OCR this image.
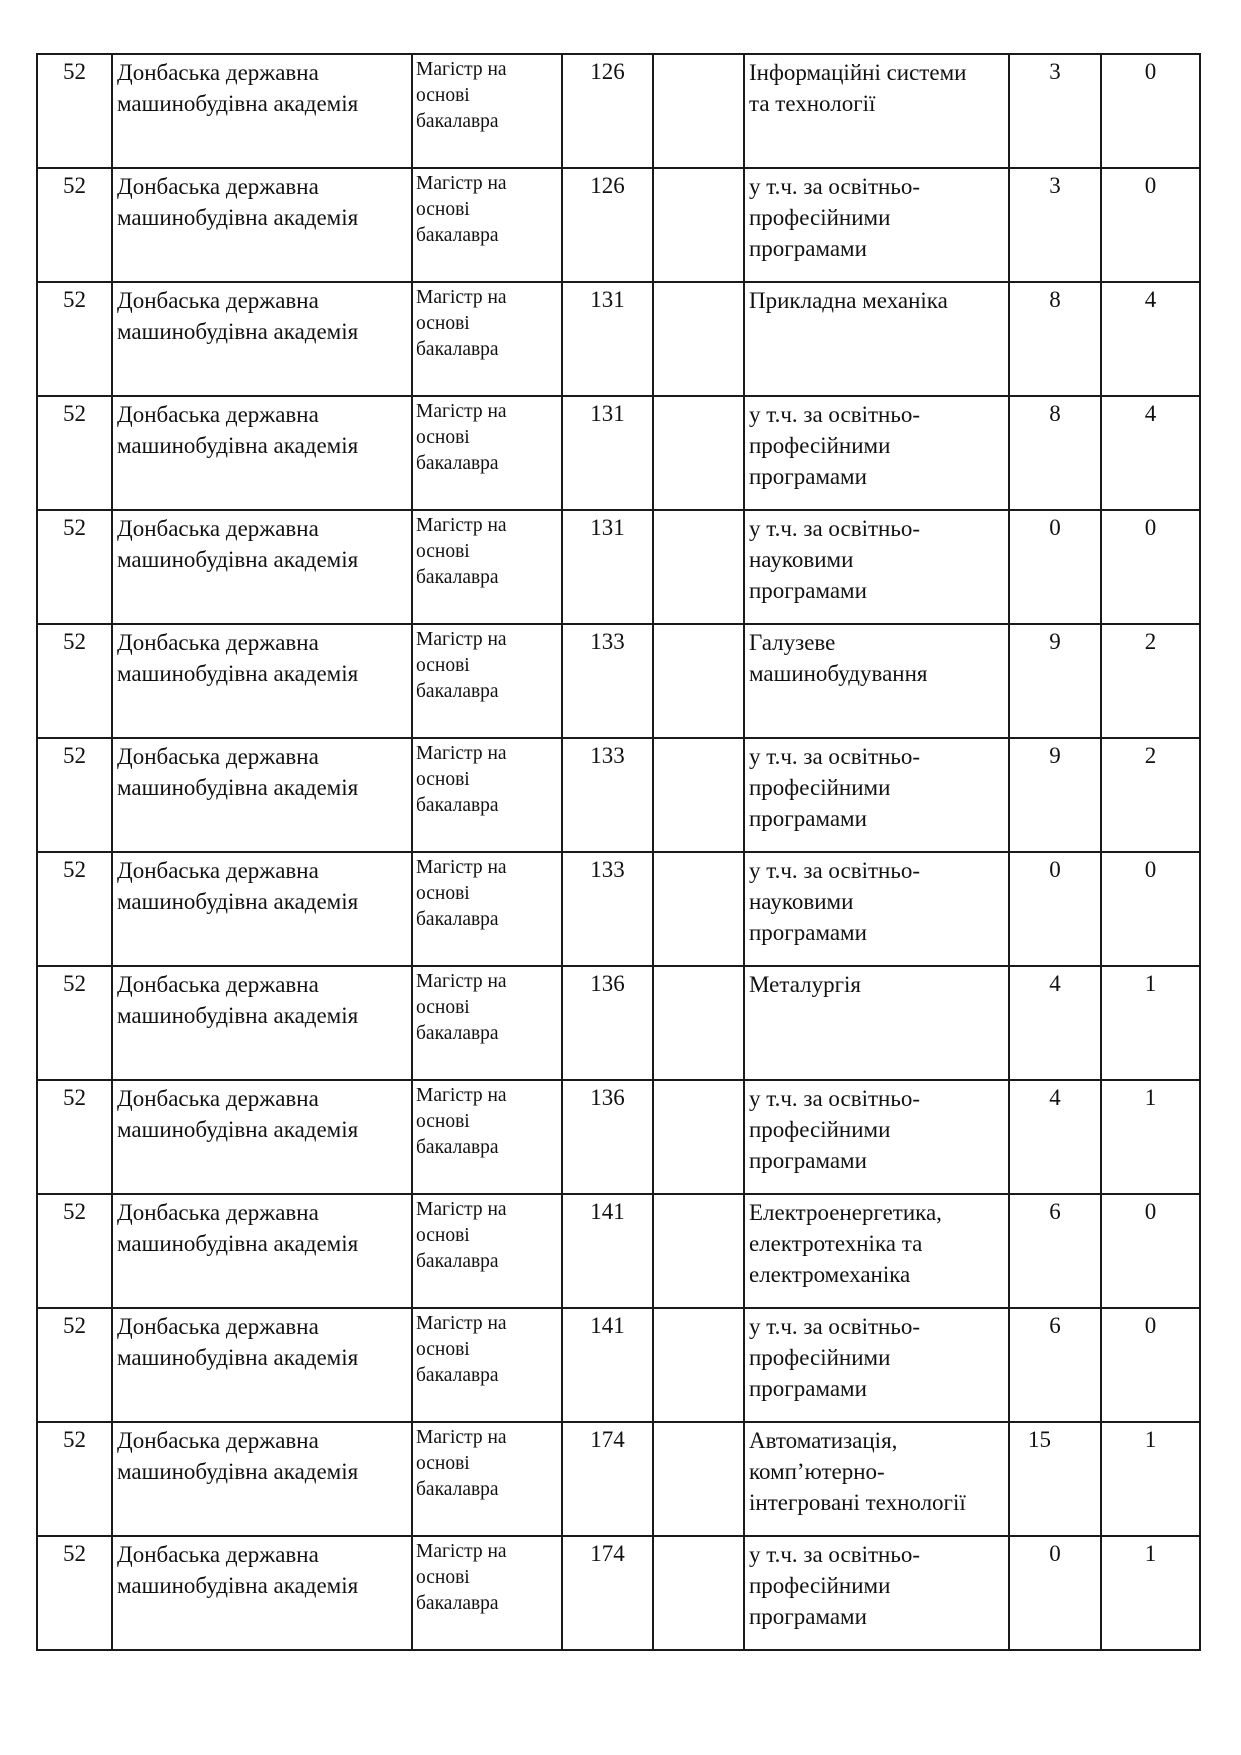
52	Донбаська державна
машинобудівна академія	Магістр на
основі
бакалавра	126		Інформаційні системи
та технології	3	0

52	Донбаська державна
машинобудівна академія	Магістр на
основі
бакалавра	126		у т.ч. за освітньо-
професійними
програмами	3	0

52	Донбаська державна
машинобудівна академія	Магістр на
основі
бакалавра	131		Прикладна механіка	8	4

52	Донбаська державна
машинобудівна академія	Магістр на
основі
бакалавра	131		у т.ч. за освітньо-
професійними
програмами	8	4

52	Донбаська державна
машинобудівна академія	Магістр на
основі
бакалавра	131		у т.ч. за освітньо-
науковими
програмами	0	0

52	Донбаська державна
машинобудівна академія	Магістр на
основі
бакалавра	133		Галузеве
машинобудування	9	2

52	Донбаська державна
машинобудівна академія	Магістр на
основі
бакалавра	133		у т.ч. за освітньо-
професійними
програмами	9	2

52	Донбаська державна
машинобудівна академія	Магістр на
основі
бакалавра	133		у т.ч. за освітньо-
науковими
програмами	0	0

52	Донбаська державна
машинобудівна академія	Магістр на
основі
бакалавра	136		Металургія	4	1

52	Донбаська державна
машинобудівна академія	Магістр на
основі
бакалавра	136		у т.ч. за освітньо-
професійними
програмами	4	1

52	Донбаська державна
машинобудівна академія	Магістр на
основі
бакалавра	141		Електроенергетика,
електротехніка та
електромеханіка	6	0

52	Донбаська державна
машинобудівна академія	Магістр на
основі
бакалавра	141		у т.ч. за освітньо-
професійними
програмами	6	0

52	Донбаська державна
машинобудівна академія	Магістр на
основі
бакалавра	174		Автоматизація,
комп’ютерно-
інтегровані технології	15	1

52	Донбаська державна
машинобудівна академія	Магістр на
основі
бакалавра	174		у т.ч. за освітньо-
професійними
програмами	0	1
